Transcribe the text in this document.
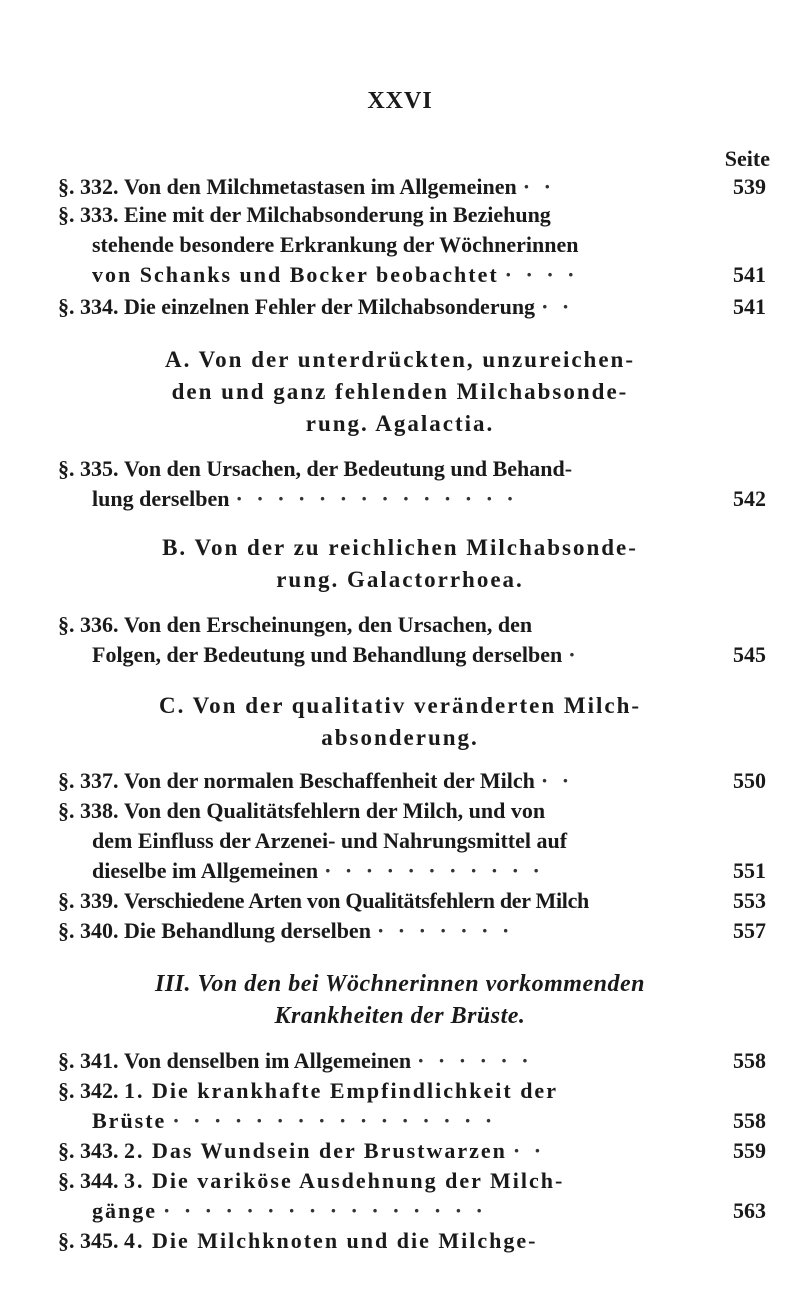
XXVI
Seite
§. 332.
Von den Milchmetastasen im Allgemeinen · ·	539
§. 333.
Eine mit der Milchabsonderung in Beziehung
stehende besondere Erkrankung der Wöchnerinnen
von Schanks und Bocker beobachtet · · · ·	541
§. 334.
Die einzelnen Fehler der Milchabsonderung · ·	541
A. Von der unterdrückten, unzureichen-
den und ganz fehlenden Milchabsonde-
rung. Agalactia.
§. 335.
Von den Ursachen, der Bedeutung und Behand-
lung derselben · · · · · · · · · · · · · ·	542
B. Von der zu reichlichen Milchabsonde-
rung. Galactorrhoea.
§. 336.
Von den Erscheinungen, den Ursachen, den
Folgen, der Bedeutung und Behandlung derselben ·	545
C. Von der qualitativ veränderten Milch-
absonderung.
§. 337.
Von der normalen Beschaffenheit der Milch · ·	550
§. 338.
Von den Qualitätsfehlern der Milch, und von
dem Einfluss der Arzenei- und Nahrungsmittel auf
dieselbe im Allgemeinen · · · · · · · · · · ·	551
§. 339.
Verschiedene Arten von Qualitätsfehlern der Milch	553
§. 340.
Die Behandlung derselben · · · · · · ·	557
III. Von den bei Wöchnerinnen vorkommenden
Krankheiten der Brüste.
§. 341.
Von denselben im Allgemeinen · · · · · ·	558
§. 342.
1. Die krankhafte Empfindlichkeit der
Brüste · · · · · · · · · · · · · · · ·	558
§. 343.
2. Das Wundsein der Brustwarzen · ·	559
§. 344.
3. Die variköse Ausdehnung der Milch-
gänge · · · · · · · · · · · · · · · ·	563
§. 345.
4. Die Milchknoten und die Milchge-
